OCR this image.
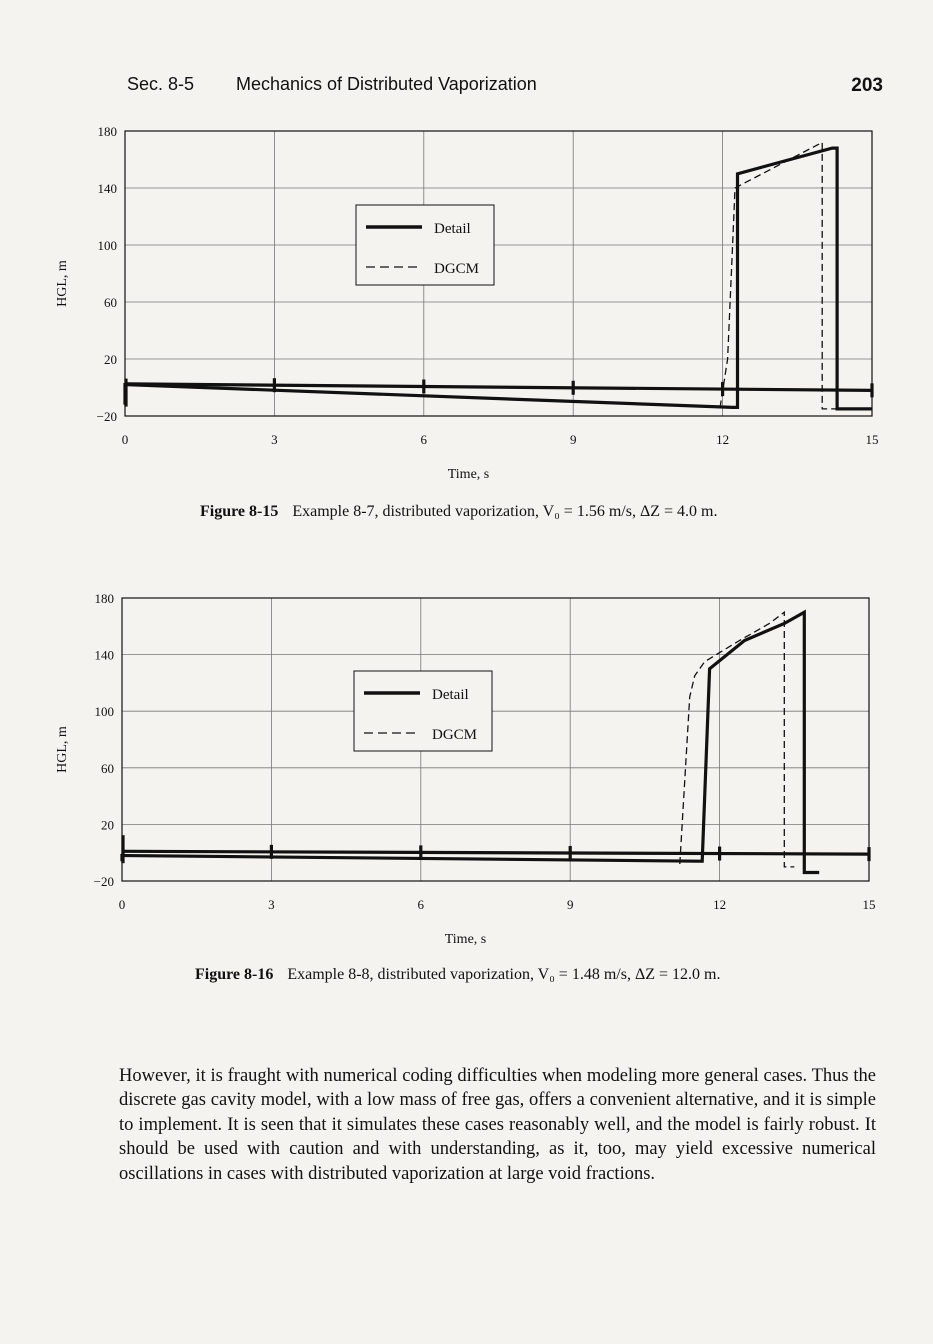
Sec. 8-5 Mechanics of Distributed Vaporization	203
0	3	6	9	12	15
−20
20
60
100
140
180
Time, s
HGL, m
Detail
DGCM
Figure 8-15 Example 8-7, distributed vaporization, V₀ = 1.56 m/s, ΔZ = 4.0 m.
0	3	6	9	12	15
−20
20
60
100
140
180
Time, s
HGL, m
Detail
DGCM
Figure 8-16 Example 8-8, distributed vaporization, V₀ = 1.48 m/s, ΔZ = 12.0 m.

However, it is fraught with numerical coding difficulties when modeling more general cases. Thus the discrete gas cavity model, with a low mass of free gas, offers a convenient alternative, and it is simple to implement. It is seen that it simulates these cases reasonably well, and the model is fairly robust. It should be used with caution and with understanding, as it, too, may yield excessive numerical oscillations in cases with distributed vaporization at large void fractions.
